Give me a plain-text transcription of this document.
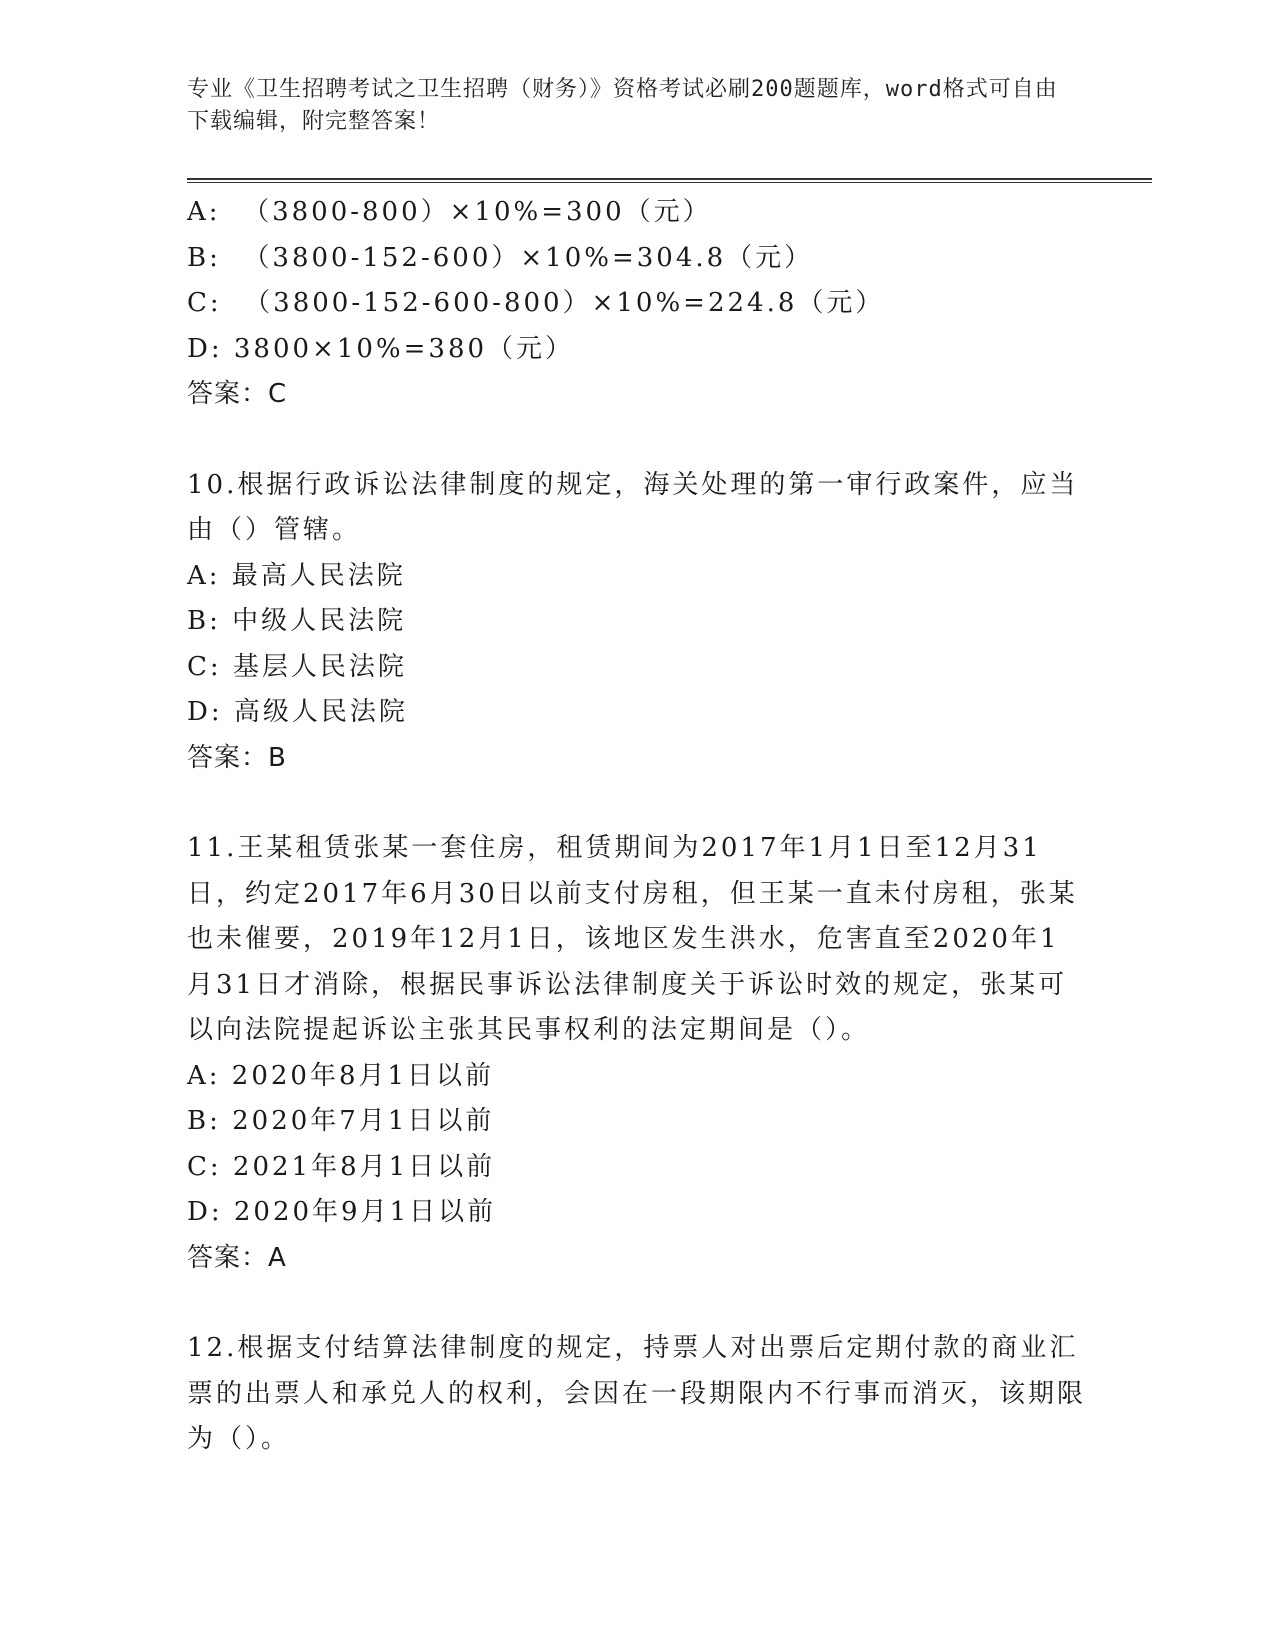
专业《卫生招聘考试之卫生招聘（财务）》资格考试必刷200题题库，word格式可自由下载编辑，附完整答案！
A:  （3800-800）×10%=300（元）
B:  （3800-152-600）×10%=304.8（元）
C:  （3800-152-600-800）×10%=224.8（元）
D: 3800×10%=380（元）
答案：C
10.根据行政诉讼法律制度的规定，海关处理的第一审行政案件，应当由（）管辖。
A: 最高人民法院
B: 中级人民法院
C: 基层人民法院
D: 高级人民法院
答案：B
11.王某租赁张某一套住房，租赁期间为2017年1月1日至12月31日，约定2017年6月30日以前支付房租，但王某一直未付房租，张某也未催要，2019年12月1日，该地区发生洪水，危害直至2020年1月31日才消除，根据民事诉讼法律制度关于诉讼时效的规定，张某可以向法院提起诉讼主张其民事权利的法定期间是（）。
A: 2020年8月1日以前
B: 2020年7月1日以前
C: 2021年8月1日以前
D: 2020年9月1日以前
答案：A
12.根据支付结算法律制度的规定，持票人对出票后定期付款的商业汇票的出票人和承兑人的权利，会因在一段期限内不行事而消灭，该期限为（）。
